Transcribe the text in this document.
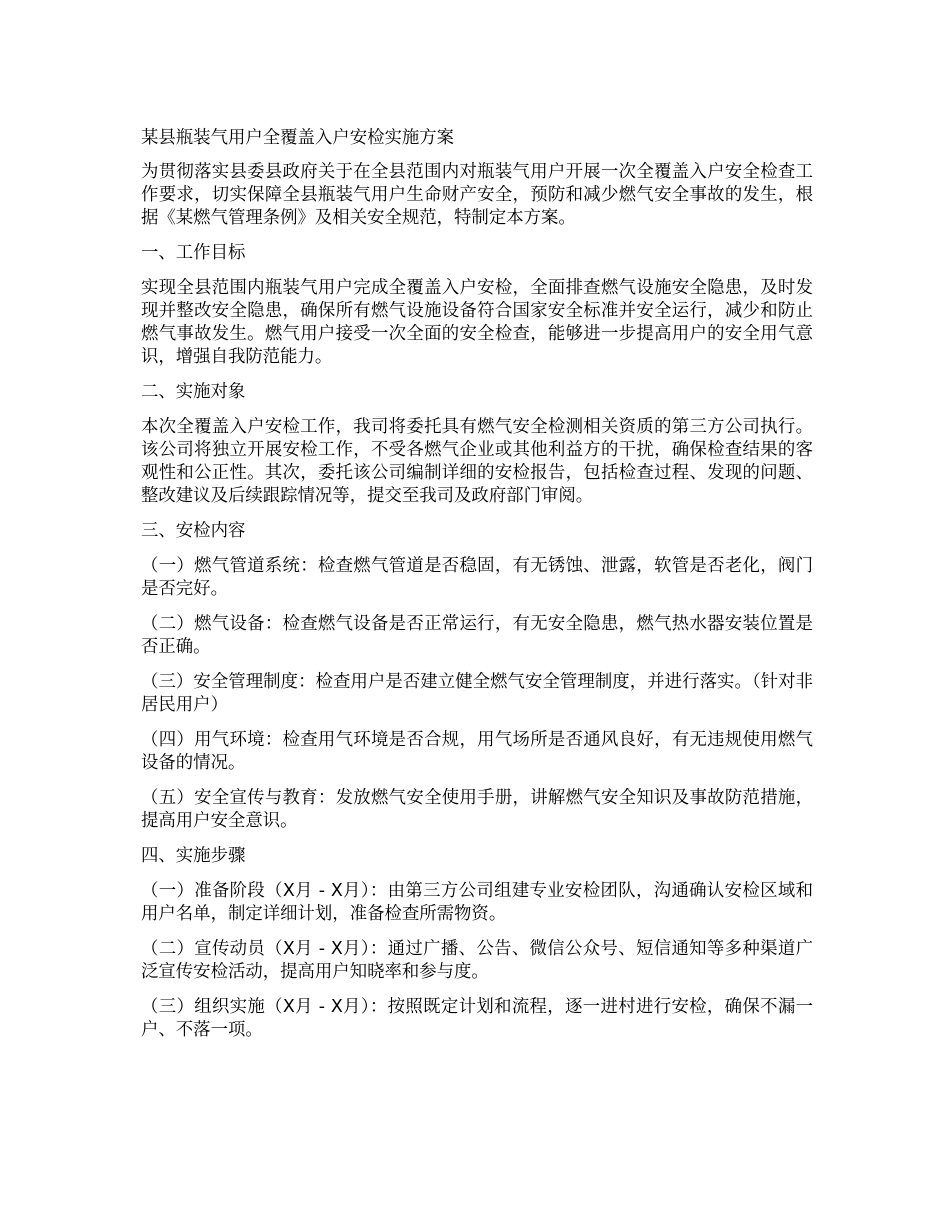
某县瓶装气用户全覆盖入户安检实施方案

为贯彻落实县委县政府关于在全县范围内对瓶装气用户开展一次全覆盖入户安全检查工作要求，切实保障全县瓶装气用户生命财产安全，预防和减少燃气安全事故的发生，根据《某燃气管理条例》及相关安全规范，特制定本方案。

一、工作目标

实现全县范围内瓶装气用户完成全覆盖入户安检，全面排查燃气设施安全隐患，及时发现并整改安全隐患，确保所有燃气设施设备符合国家安全标准并安全运行，减少和防止燃气事故发生。燃气用户接受一次全面的安全检查，能够进一步提高用户的安全用气意识，增强自我防范能力。

二、实施对象

本次全覆盖入户安检工作，我司将委托具有燃气安全检测相关资质的第三方公司执行。该公司将独立开展安检工作，不受各燃气企业或其他利益方的干扰，确保检查结果的客观性和公正性。其次，委托该公司编制详细的安检报告，包括检查过程、发现的问题、整改建议及后续跟踪情况等，提交至我司及政府部门审阅。

三、安检内容

（一）燃气管道系统：检查燃气管道是否稳固，有无锈蚀、泄露，软管是否老化，阀门是否完好。

（二）燃气设备：检查燃气设备是否正常运行，有无安全隐患，燃气热水器安装位置是否正确。

（三）安全管理制度：检查用户是否建立健全燃气安全管理制度，并进行落实。（针对非居民用户）

（四）用气环境：检查用气环境是否合规，用气场所是否通风良好，有无违规使用燃气设备的情况。

（五）安全宣传与教育：发放燃气安全使用手册，讲解燃气安全知识及事故防范措施，提高用户安全意识。

四、实施步骤

（一）准备阶段（X月 - X月）：由第三方公司组建专业安检团队，沟通确认安检区域和用户名单，制定详细计划，准备检查所需物资。

（二）宣传动员（X月 - X月）：通过广播、公告、微信公众号、短信通知等多种渠道广泛宣传安检活动，提高用户知晓率和参与度。

（三）组织实施（X月 - X月）：按照既定计划和流程，逐一进村进行安检，确保不漏一户、不落一项。
